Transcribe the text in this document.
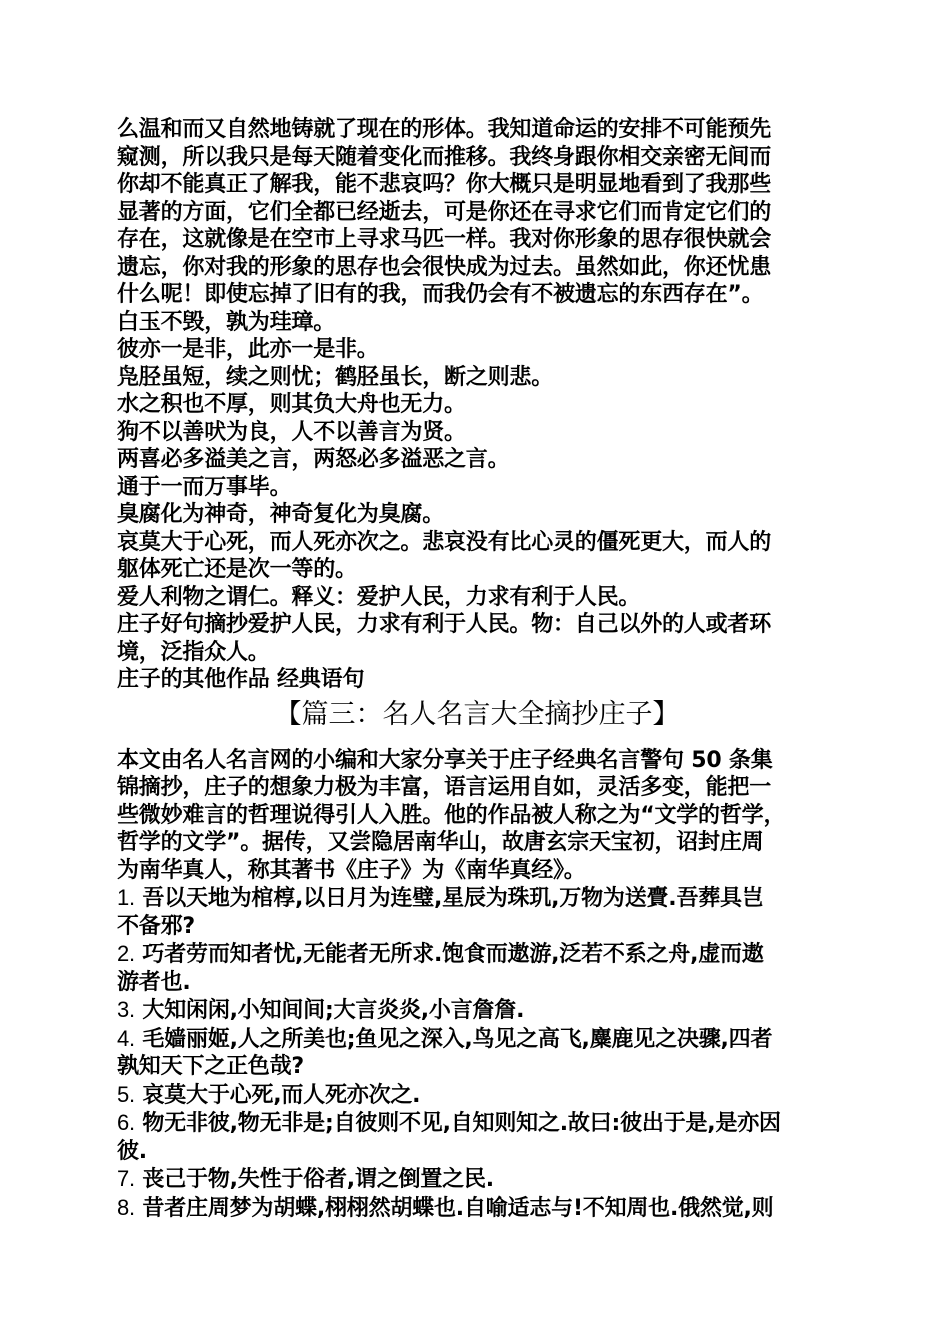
么温和而又自然地铸就了现在的形体。我知道命运的安排不可能预先
窥测，所以我只是每天随着变化而推移。我终身跟你相交亲密无间而
你却不能真正了解我，能不悲哀吗？你大概只是明显地看到了我那些
显著的方面，它们全都已经逝去，可是你还在寻求它们而肯定它们的
存在，这就像是在空市上寻求马匹一样。我对你形象的思存很快就会
遗忘，你对我的形象的思存也会很快成为过去。虽然如此，你还忧患
什么呢！即使忘掉了旧有的我，而我仍会有不被遗忘的东西存在”。
白玉不毁，孰为珪璋。
彼亦一是非，此亦一是非。
凫胫虽短，续之则忧；鹤胫虽长，断之则悲。
水之积也不厚，则其负大舟也无力。
狗不以善吠为良，人不以善言为贤。
两喜必多溢美之言，两怒必多溢恶之言。
通于一而万事毕。
臭腐化为神奇，神奇复化为臭腐。
哀莫大于心死，而人死亦次之。悲哀没有比心灵的僵死更大，而人的
躯体死亡还是次一等的。
爱人利物之谓仁。释义：爱护人民，力求有利于人民。
庄子好句摘抄爱护人民，力求有利于人民。物：自己以外的人或者环
境，泛指众人。
庄子的其他作品 经典语句
【篇三：名人名言大全摘抄庄子】
本文由名人名言网的小编和大家分享关于庄子经典名言警句 50 条集
锦摘抄，庄子的想象力极为丰富，语言运用自如，灵活多变，能把一
些微妙难言的哲理说得引人入胜。他的作品被人称之为“文学的哲学，
哲学的文学”。据传，又尝隐居南华山，故唐玄宗天宝初，诏封庄周
为南华真人，称其著书《庄子》为《南华真经》。
1. 吾以天地为棺椁,以日月为连璧,星辰为珠玑,万物为送賷.吾葬具岂
不备邪?
2. 巧者劳而知者忧,无能者无所求.饱食而遨游,泛若不系之舟,虚而遨
游者也.
3. 大知闲闲,小知间间;大言炎炎,小言詹詹.
4. 毛嫱丽姬,人之所美也;鱼见之深入,鸟见之高飞,麋鹿见之决骤,四者
孰知天下之正色哉?
5. 哀莫大于心死,而人死亦次之.
6. 物无非彼,物无非是;自彼则不见,自知则知之.故曰:彼出于是,是亦因
彼.
7. 丧己于物,失性于俗者,谓之倒置之民.
8. 昔者庄周梦为胡蝶,栩栩然胡蝶也.自喻适志与!不知周也.俄然觉,则
